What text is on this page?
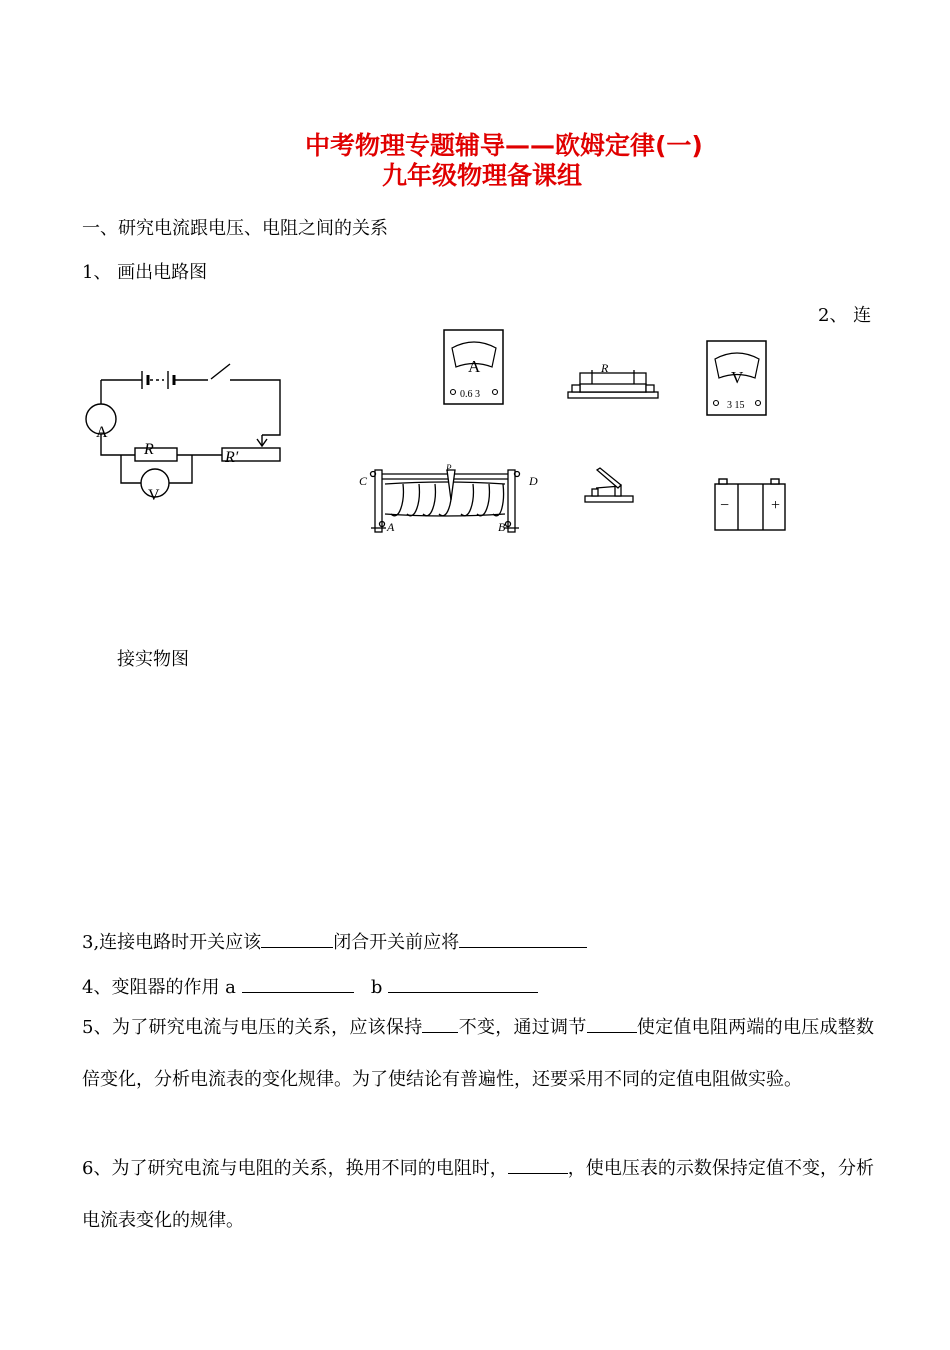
中考物理专题辅导——欧姆定律(一)
九年级物理备课组
一、研究电流跟电压、电阻之间的关系
1、 画出电路图
2、 连
A
R	R′
V
A
0.6 3
R	V
3 15
C	D
A	B
P
−	+
接实物图
3,连接电路时开关应该	闭合开关前应将
4、变阻器的作用 a	b
5、为了研究电流与电压的关系，应该保持 不变，通过调节	使定值电阻两端的电压成整数倍变化，分析电流表的变化规律。为了使结论有普遍性，还要采用不同的定值电阻做实验。
6、为了研究电流与电阻的关系，换用不同的电阻时，	，使电压表的示数保持定值不变，分析电流表变化的规律。
